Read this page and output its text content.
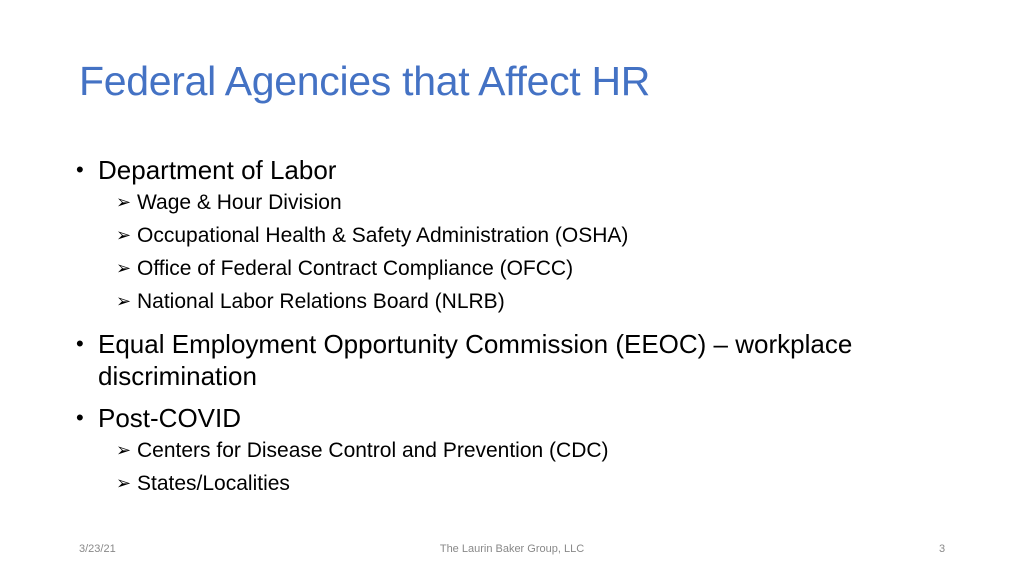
Federal Agencies that Affect HR
• Department of Labor
➢ Wage & Hour Division
➢ Occupational Health & Safety Administration (OSHA)
➢ Office of Federal Contract Compliance (OFCC)
➢ National Labor Relations Board (NLRB)
• Equal Employment Opportunity Commission (EEOC) – workplace discrimination
• Post-COVID
➢ Centers for Disease Control and Prevention (CDC)
➢ States/Localities
3/23/21	The Laurin Baker Group, LLC	3
